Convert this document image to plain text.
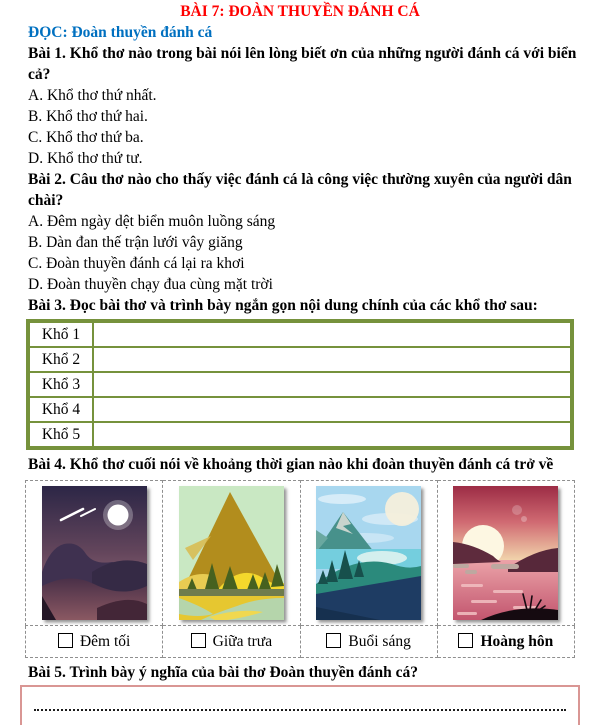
BÀI 7: ĐOÀN THUYỀN ĐÁNH CÁ
ĐỌC: Đoàn thuyền đánh cá
Bài 1. Khổ thơ nào trong bài nói lên lòng biết ơn của những người đánh cá với biển cả?
A. Khổ thơ thứ nhất.
B. Khổ thơ thứ hai.
C. Khổ thơ thứ ba.
D. Khổ thơ thứ tư.
Bài 2. Câu thơ nào cho thấy việc đánh cá là công việc thường xuyên của người dân chài?
A. Đêm ngày dệt biển muôn luồng sáng
B. Dàn đan thế trận lưới vây giăng
C. Đoàn thuyền đánh cá lại ra khơi
D. Đoàn thuyền chạy đua cùng mặt trời
Bài 3. Đọc bài thơ và trình bày ngắn gọn nội dung chính của các khổ thơ sau:
Khổ 1	
Khổ 2	
Khổ 3	
Khổ 4	
Khổ 5	
Bài 4. Khổ thơ cuối nói về khoảng thời gian nào khi đoàn thuyền đánh cá trở về

Đêm tối	Giữa trưa	Buổi sáng	Hoàng hôn
Bài 5. Trình bày ý nghĩa của bài thơ Đoàn thuyền đánh cá?
